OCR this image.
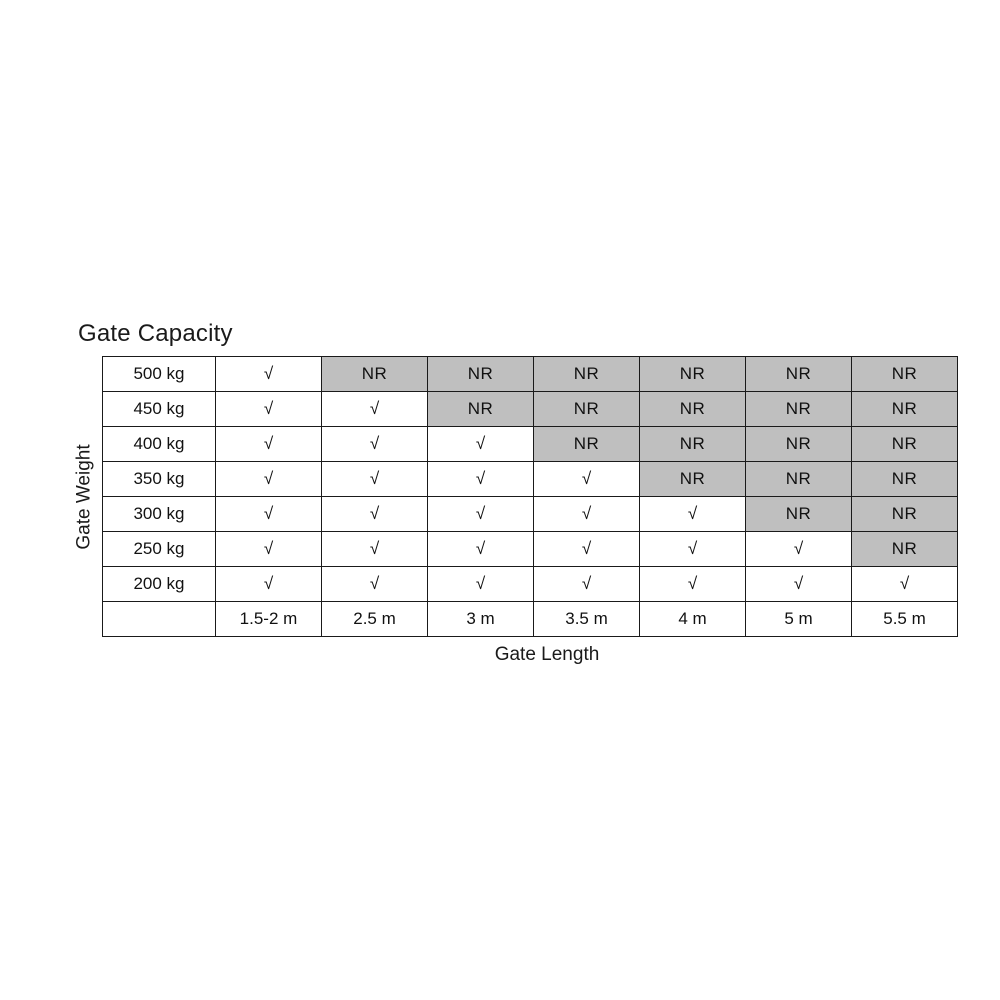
Gate Capacity
Gate Weight
500 kg	√	NR	NR	NR	NR	NR	NR
450 kg	√	√	NR	NR	NR	NR	NR
400 kg	√	√	√	NR	NR	NR	NR
350 kg	√	√	√	√	NR	NR	NR
300 kg	√	√	√	√	√	NR	NR
250 kg	√	√	√	√	√	√	NR
200 kg	√	√	√	√	√	√	√
	1.5-2 m	2.5 m	3 m	3.5 m	4 m	5 m	5.5 m
Gate Length
